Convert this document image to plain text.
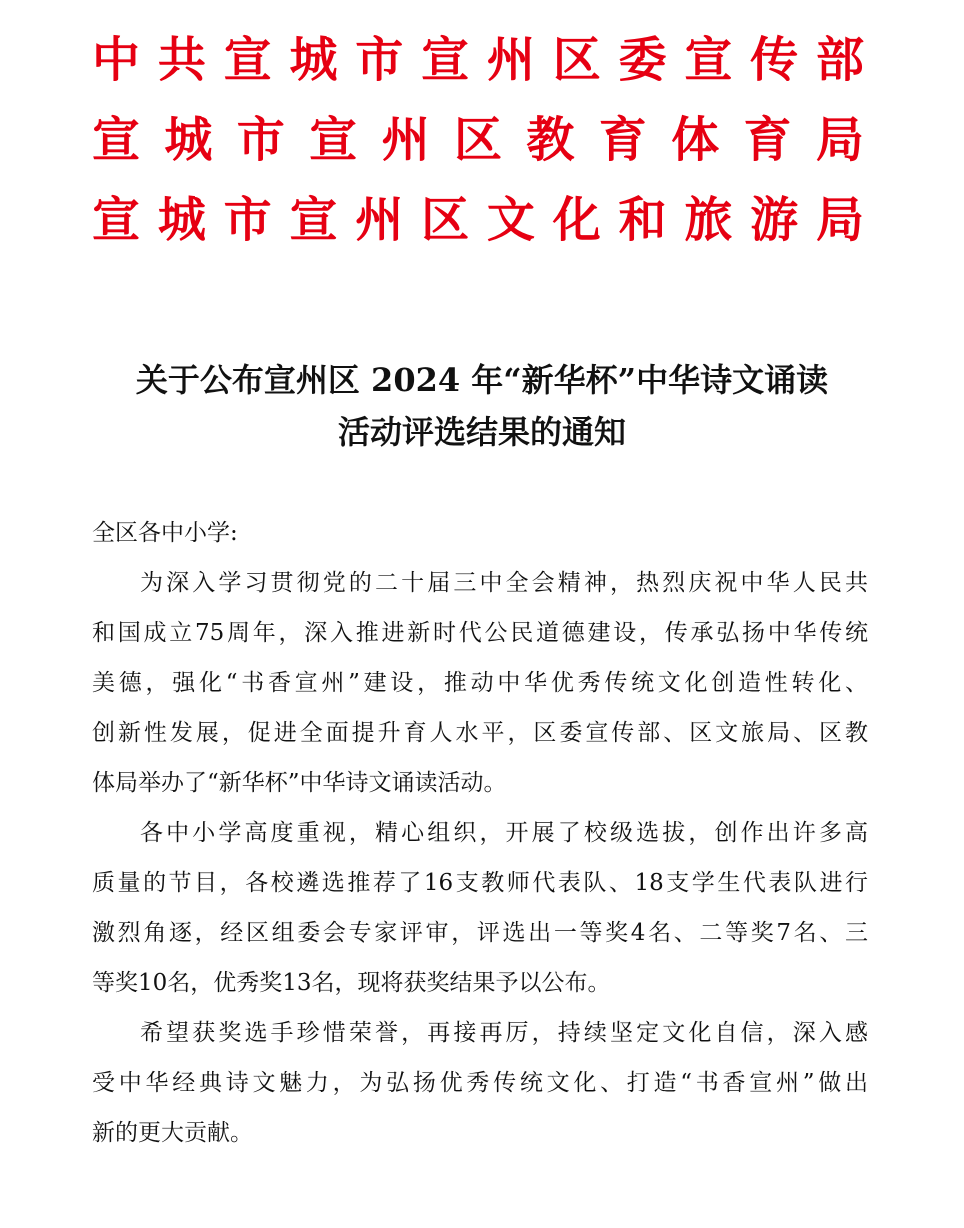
中 共 宣 城 市 宣 州 区 委 宣 传 部
宣 城 市 宣 州 区 教 育 体 育 局
宣 城 市 宣 州 区 文 化 和 旅 游 局
关于公布宣州区 2024 年“新华杯”中华诗文诵读
活动评选结果的通知
全区各中小学:
为深入学习贯彻党的二十届三中全会精神，热烈庆祝中华人民共
和国成立75周年，深入推进新时代公民道德建设，传承弘扬中华传统
美德，强化“书香宣州”建设，推动中华优秀传统文化创造性转化、
创新性发展，促进全面提升育人水平，区委宣传部、区文旅局、区教
体局举办了“新华杯”中华诗文诵读活动。
各中小学高度重视，精心组织，开展了校级选拔，创作出许多高
质量的节目，各校遴选推荐了16支教师代表队、18支学生代表队进行
激烈角逐，经区组委会专家评审，评选出一等奖4名、二等奖7名、三
等奖10名，优秀奖13名，现将获奖结果予以公布。
希望获奖选手珍惜荣誉，再接再厉，持续坚定文化自信，深入感
受中华经典诗文魅力，为弘扬优秀传统文化、打造“书香宣州”做出
新的更大贡献。
